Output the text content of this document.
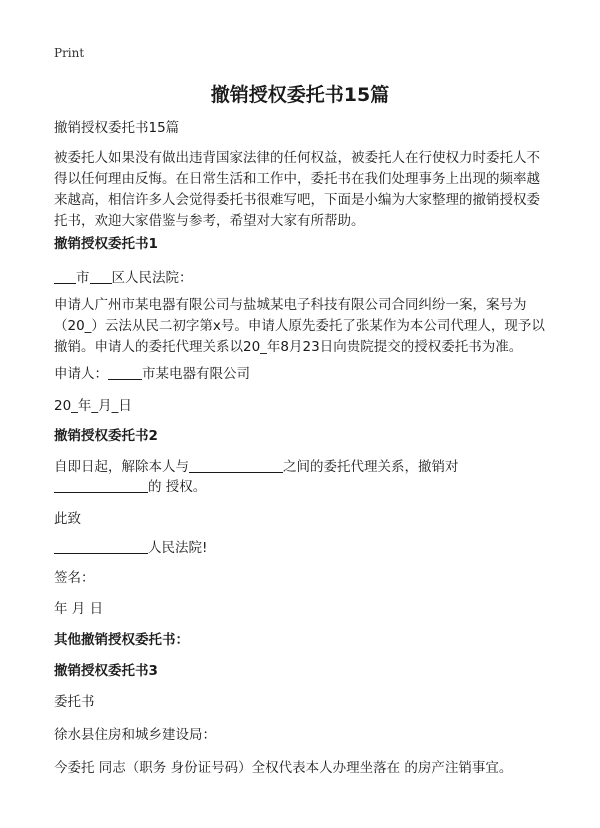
Print
撤销授权委托书15篇

撤销授权委托书15篇

被委托人如果没有做出违背国家法律的任何权益，被委托人在行使权力时委托人不得以任何理由反悔。在日常生活和工作中，委托书在我们处理事务上出现的频率越来越高，相信许多人会觉得委托书很难写吧，下面是小编为大家整理的撤销授权委托书，欢迎大家借鉴与参考，希望对大家有所帮助。

撤销授权委托书1

市 区人民法院：

申请人广州市某电器有限公司与盐城某电子科技有限公司合同纠纷一案，案号为（20_）云法从民二初字第x号。申请人原先委托了张某作为本公司代理人，现予以撤销。申请人的委托代理关系以20_年8月23日向贵院提交的授权委托书为准。

申请人：	市某电器有限公司

20_年_月_日

撤销授权委托书2

自即日起，解除本人与	之间的委托代理关系，撤销对

的 授权。

此致

人民法院!

签名：

年 月 日

其他撤销授权委托书：

撤销授权委托书3

委托书

徐水县住房和城乡建设局：

今委托 同志（职务 身份证号码）全权代表本人办理坐落在 的房产注销事宜。
